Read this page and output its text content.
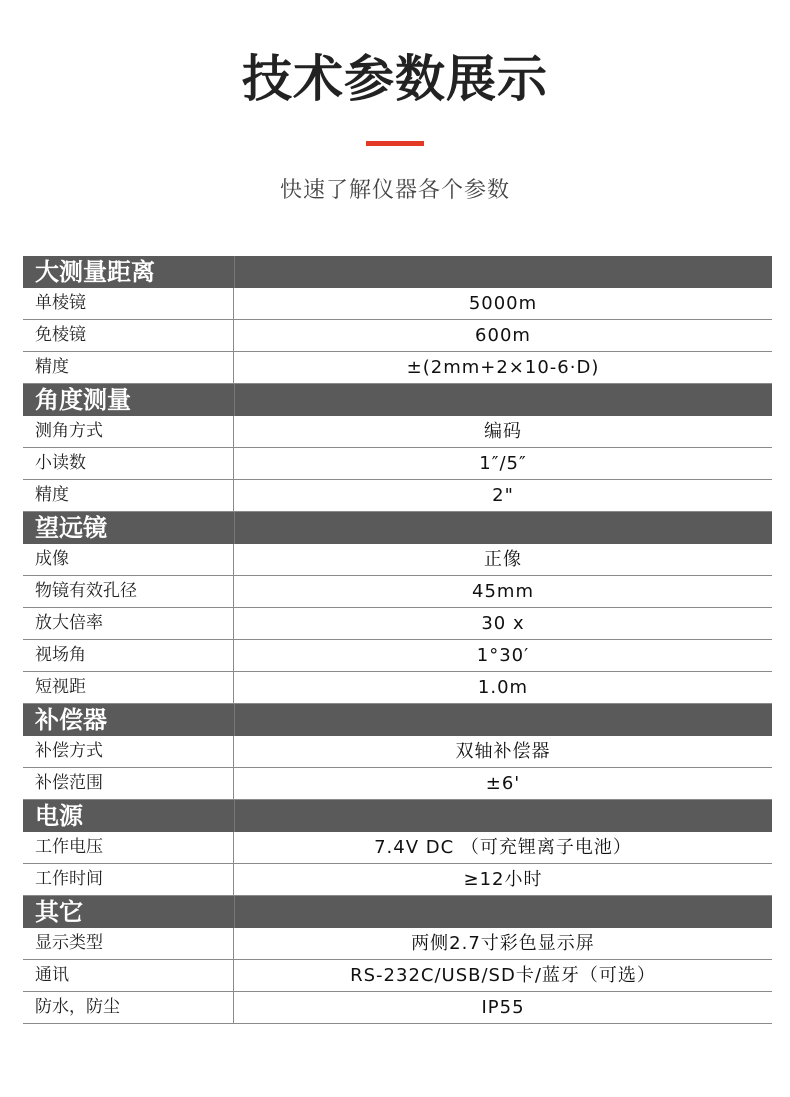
技术参数展示
快速了解仪器各个参数
大测量距离
单棱镜	5000m
免棱镜	600m
精度	±(2mm+2×10-6·D)
角度测量
测角方式	编码
小读数	1″/5″
精度	2"
望远镜
成像	正像
物镜有效孔径	45mm
放大倍率	30 x
视场角	1°30′
短视距	1.0m
补偿器
补偿方式	双轴补偿器
补偿范围	±6'
电源
工作电压	7.4V DC （可充锂离子电池）
工作时间	≥12小时
其它
显示类型	两侧2.7寸彩色显示屏
通讯	RS-232C/USB/SD卡/蓝牙（可选）
防水，防尘	IP55
